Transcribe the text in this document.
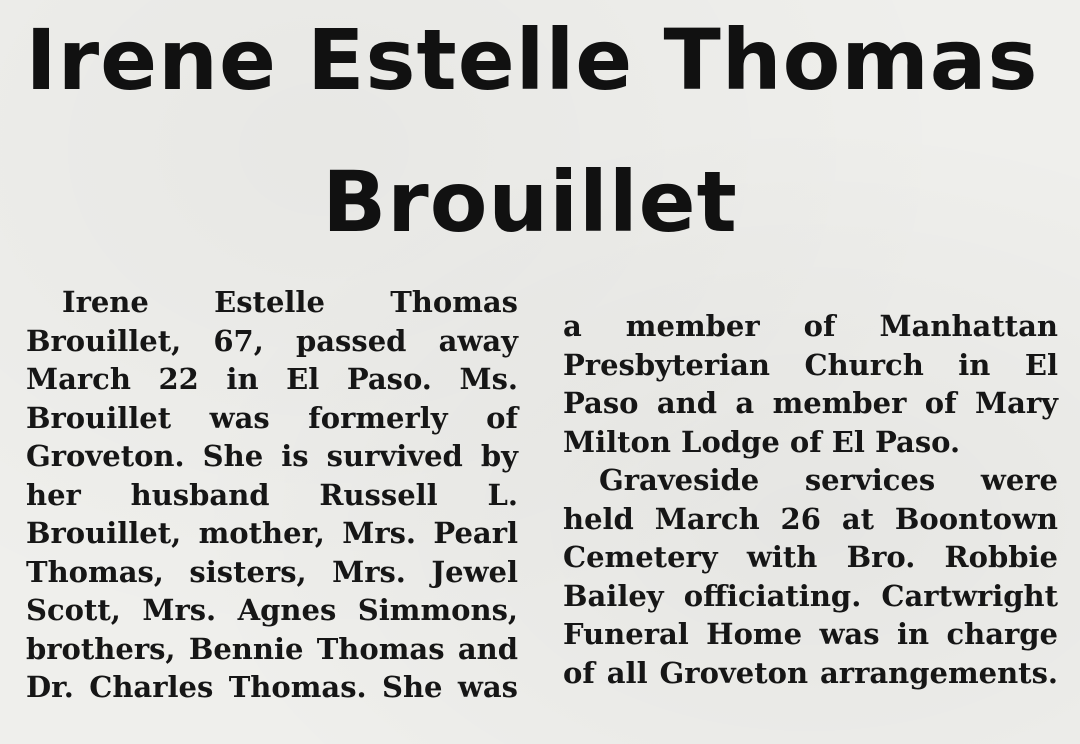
Irene Estelle Thomas
Brouillet
Irene Estelle Thomas
Brouillet, 67, passed away
March 22 in El Paso. Ms.
Brouillet was formerly of
Groveton. She is survived by
her husband Russell L.
Brouillet, mother, Mrs. Pearl
Thomas, sisters, Mrs. Jewel
Scott, Mrs. Agnes Simmons,
brothers, Bennie Thomas and
Dr. Charles Thomas. She was
a member of Manhattan
Presbyterian Church in El
Paso and a member of Mary
Milton Lodge of El Paso.
Graveside services were
held March 26 at Boontown
Cemetery with Bro. Robbie
Bailey officiating. Cartwright
Funeral Home was in charge
of all Groveton arrangements.
